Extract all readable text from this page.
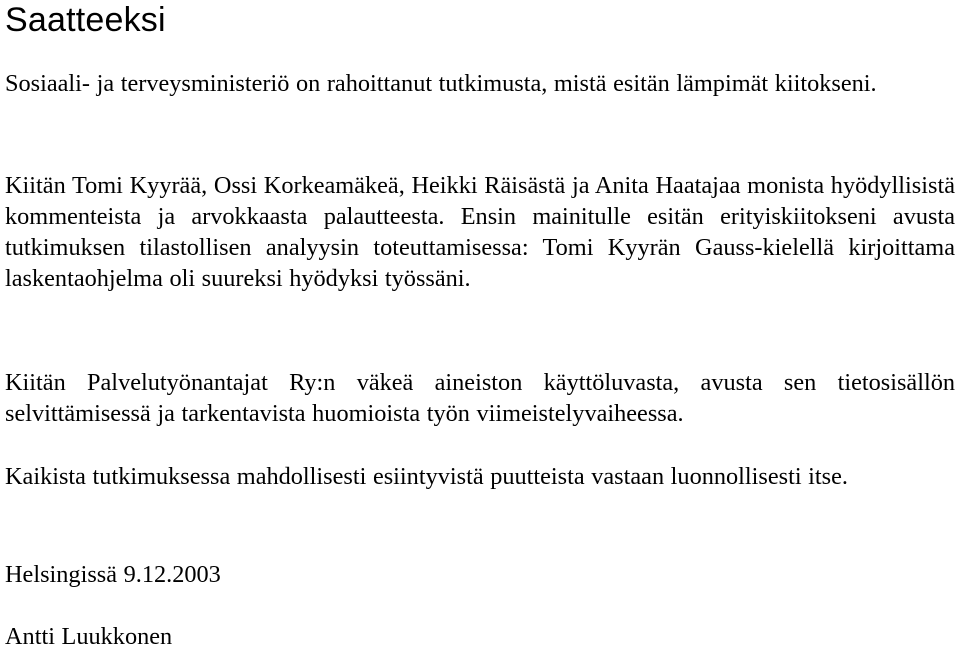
Saatteeksi

Sosiaali- ja terveysministeriö on rahoittanut tutkimusta, mistä esitän lämpimät kiitokseni.

Kiitän Tomi Kyyrää, Ossi Korkeamäkeä, Heikki Räisästä ja Anita Haatajaa monista hyödyllisistä kommenteista ja arvokkaasta palautteesta. Ensin mainitulle esitän erityiskiitokseni avusta tutkimuksen tilastollisen analyysin toteuttamisessa: Tomi Kyyrän Gauss-kielellä kirjoittama laskentaohjelma oli suureksi hyödyksi työssäni.

Kiitän Palvelutyönantajat Ry:n väkeä aineiston käyttöluvasta, avusta sen tietosisällön selvittämisessä ja tarkentavista huomioista työn viimeistelyvaiheessa.

Kaikista tutkimuksessa mahdollisesti esiintyvistä puutteista vastaan luonnollisesti itse.

Helsingissä 9.12.2003

Antti Luukkonen
